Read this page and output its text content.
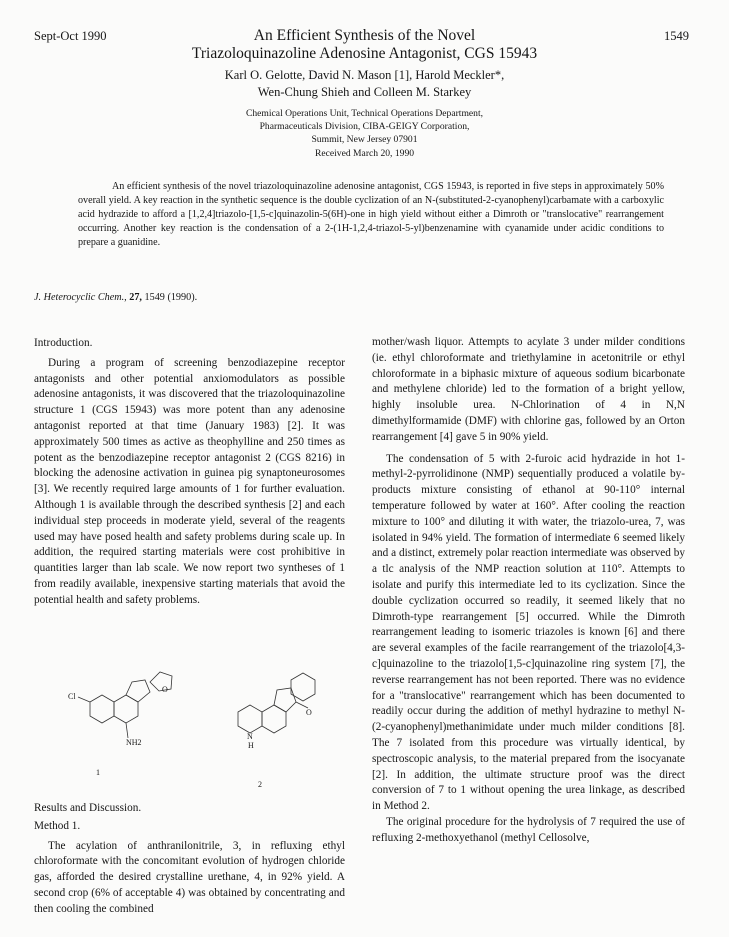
Sept-Oct 1990	1549
An Efficient Synthesis of the Novel
Triazoloquinazoline Adenosine Antagonist, CGS 15943
Karl O. Gelotte, David N. Mason [1], Harold Meckler*,
Wen-Chung Shieh and Colleen M. Starkey
Chemical Operations Unit, Technical Operations Department,
Pharmaceuticals Division, CIBA-GEIGY Corporation,
Summit, New Jersey 07901
Received March 20, 1990
An efficient synthesis of the novel triazoloquinazoline adenosine antagonist, CGS 15943, is reported in five steps in approximately 50% overall yield. A key reaction in the synthetic sequence is the double cyclization of an N-(substituted-2-cyanophenyl)carbamate with a carboxylic acid hydrazide to afford a [1,2,4]triazolo-[1,5-c]quinazolin-5(6H)-one in high yield without either a Dimroth or "translocative" rearrangement occurring. Another key reaction is the condensation of a 2-(1H-1,2,4-triazol-5-yl)benzenamine with cyanamide under acidic conditions to prepare a guanidine.
J. Heterocyclic Chem., 27, 1549 (1990).

Introduction.

During a program of screening benzodiazepine receptor antagonists and other potential anxiomodulators as possible adenosine antagonists, it was discovered that the triazoloquinazoline structure 1 (CGS 15943) was more potent than any adenosine antagonist reported at that time (January 1983) [2]. It was approximately 500 times as active as theophylline and 250 times as potent as the benzodiazepine receptor antagonist 2 (CGS 8216) in blocking the adenosine activation in guinea pig synaptoneurosomes [3]. We recently required large amounts of 1 for further evaluation. Although 1 is available through the described synthesis [2] and each individual step proceeds in moderate yield, several of the reagents used may have posed health and safety problems during scale up. In addition, the required starting materials were cost prohibitive in quantities larger than lab scale. We now report two syntheses of 1 from readily available, inexpensive starting materials that avoid the potential health and safety problems.

Cl
NH2
O
O
N
H
1
2

Results and Discussion.

Method 1.

The acylation of anthranilonitrile, 3, in refluxing ethyl chloroformate with the concomitant evolution of hydrogen chloride gas, afforded the desired crystalline urethane, 4, in 92% yield. A second crop (6% of acceptable 4) was obtained by concentrating and then cooling the combined

mother/wash liquor. Attempts to acylate 3 under milder conditions (ie. ethyl chloroformate and triethylamine in acetonitrile or ethyl chloroformate in a biphasic mixture of aqueous sodium bicarbonate and methylene chloride) led to the formation of a bright yellow, highly insoluble urea. N-Chlorination of 4 in N,N dimethylformamide (DMF) with chlorine gas, followed by an Orton rearrangement [4] gave 5 in 90% yield.

The condensation of 5 with 2-furoic acid hydrazide in hot 1-methyl-2-pyrrolidinone (NMP) sequentially produced a volatile by-products mixture consisting of ethanol at 90-110° internal temperature followed by water at 160°. After cooling the reaction mixture to 100° and diluting it with water, the triazolo-urea, 7, was isolated in 94% yield. The formation of intermediate 6 seemed likely and a distinct, extremely polar reaction intermediate was observed by a tlc analysis of the NMP reaction solution at 110°. Attempts to isolate and purify this intermediate led to its cyclization. Since the double cyclization occurred so readily, it seemed likely that no Dimroth-type rearrangement [5] occurred. While the Dimroth rearrangement leading to isomeric triazoles is known [6] and there are several examples of the facile rearrangement of the triazolo[4,3-c]quinazoline to the triazolo[1,5-c]quinazoline ring system [7], the reverse rearrangement has not been reported. There was no evidence for a "translocative" rearrangement which has been documented to readily occur during the addition of methyl hydrazine to methyl N-(2-cyanophenyl)methanimidate under much milder conditions [8]. The 7 isolated from this procedure was virtually identical, by spectroscopic analysis, to the material prepared from the isocyanate [2]. In addition, the ultimate structure proof was the direct conversion of 7 to 1 without opening the urea linkage, as described in Method 2.

The original procedure for the hydrolysis of 7 required the use of refluxing 2-methoxyethanol (methyl Cellosolve,
